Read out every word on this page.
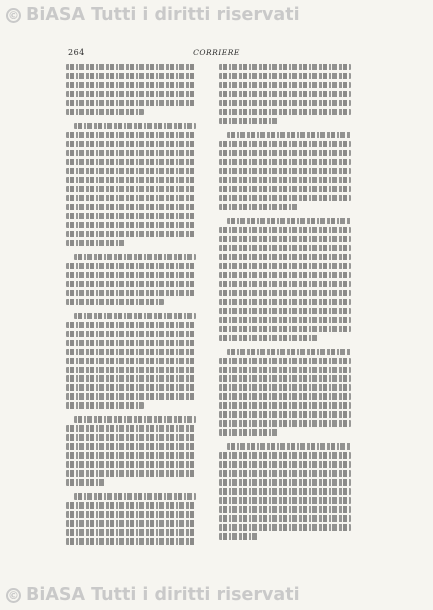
© BiASA Tutti i diritti riservati
264	CORRIERE
© BiASA Tutti i diritti riservati
